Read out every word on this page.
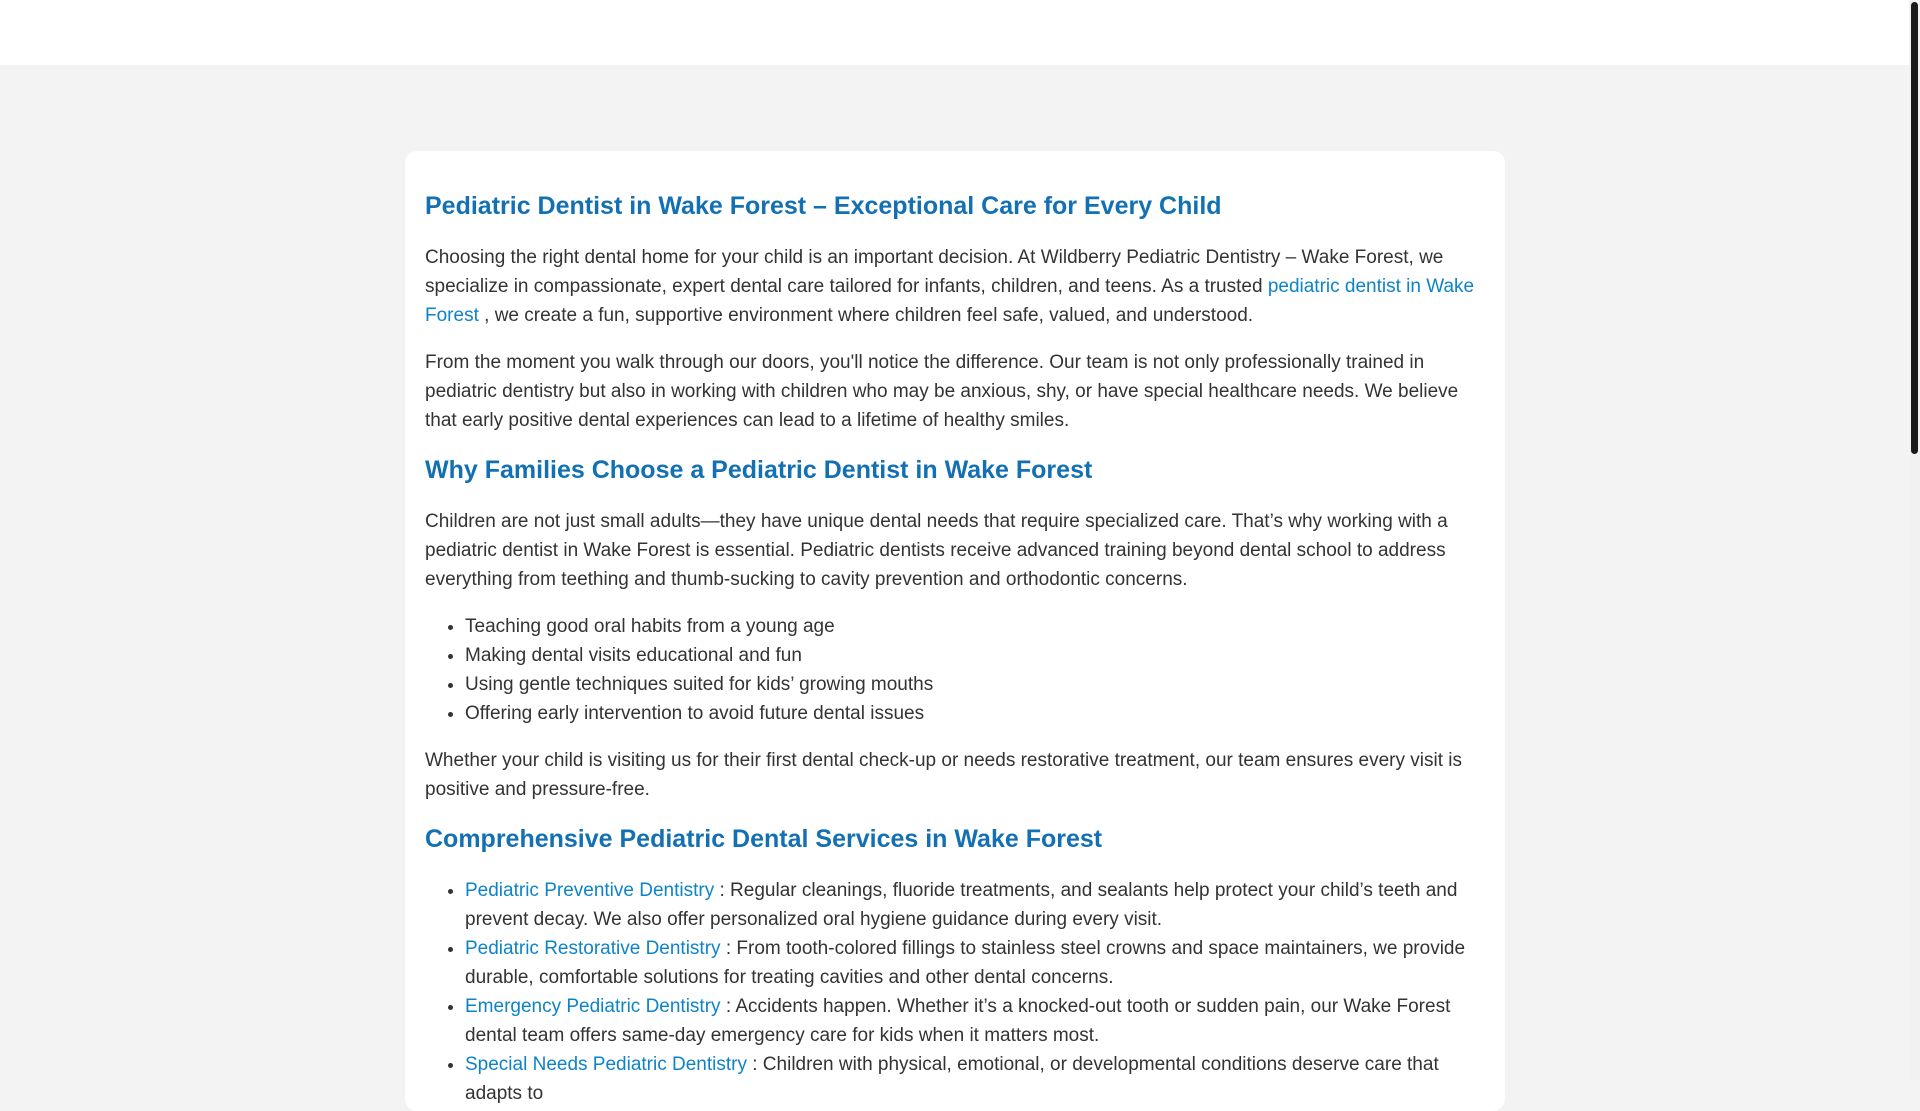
Pediatric Dentist in Wake Forest – Exceptional Care for Every Child

Choosing the right dental home for your child is an important decision. At Wildberry Pediatric Dentistry – Wake Forest, we specialize in compassionate, expert dental care tailored for infants, children, and teens. As a trusted pediatric dentist in Wake Forest , we create a fun, supportive environment where children feel safe, valued, and understood.

From the moment you walk through our doors, you'll notice the difference. Our team is not only professionally trained in pediatric dentistry but also in working with children who may be anxious, shy, or have special healthcare needs. We believe that early positive dental experiences can lead to a lifetime of healthy smiles.

Why Families Choose a Pediatric Dentist in Wake Forest

Children are not just small adults—they have unique dental needs that require specialized care. That’s why working with a pediatric dentist in Wake Forest is essential. Pediatric dentists receive advanced training beyond dental school to address everything from teething and thumb-sucking to cavity prevention and orthodontic concerns.

• Teaching good oral habits from a young age
• Making dental visits educational and fun
• Using gentle techniques suited for kids’ growing mouths
• Offering early intervention to avoid future dental issues

Whether your child is visiting us for their first dental check-up or needs restorative treatment, our team ensures every visit is positive and pressure-free.

Comprehensive Pediatric Dental Services in Wake Forest
• Pediatric Preventive Dentistry : Regular cleanings, fluoride treatments, and sealants help protect your child’s teeth and prevent decay. We also offer personalized oral hygiene guidance during every visit.
• Pediatric Restorative Dentistry : From tooth-colored fillings to stainless steel crowns and space maintainers, we provide durable, comfortable solutions for treating cavities and other dental concerns.
• Emergency Pediatric Dentistry : Accidents happen. Whether it’s a knocked-out tooth or sudden pain, our Wake Forest dental team offers same-day emergency care for kids when it matters most.
• Special Needs Pediatric Dentistry : Children with physical, emotional, or developmental conditions deserve care that adapts to
